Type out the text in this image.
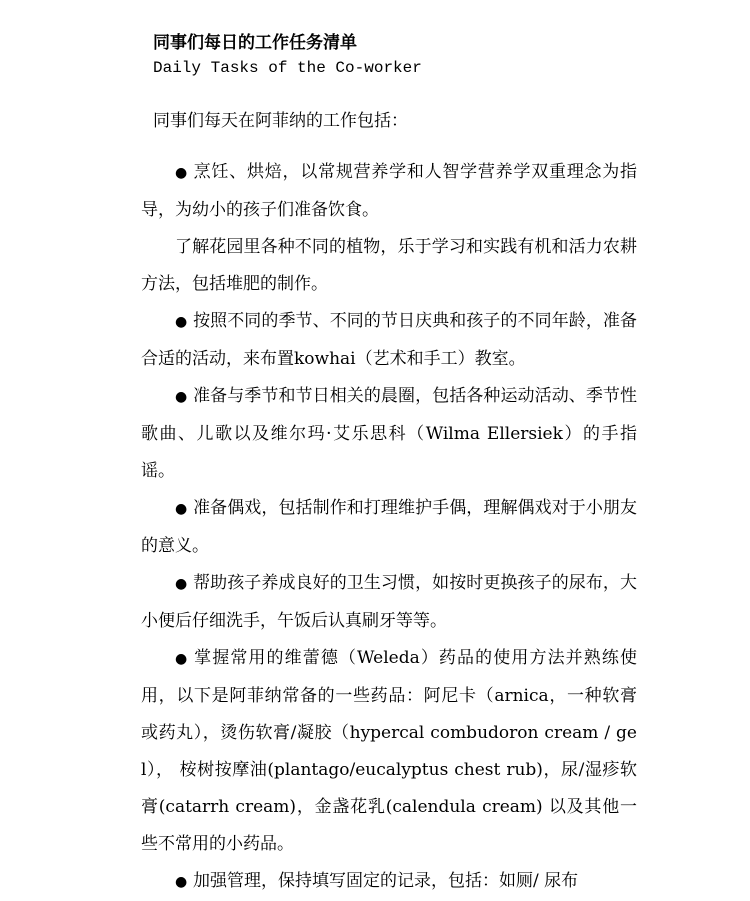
同事们每日的工作任务清单
Daily Tasks of the Co-worker
同事们每天在阿菲纳的工作包括：

● 烹饪、烘焙，以常规营养学和人智学营养学双重理念为指导，为幼小的孩子们准备饮食。

了解花园里各种不同的植物，乐于学习和实践有机和活力农耕方法，包括堆肥的制作。

● 按照不同的季节、不同的节日庆典和孩子的不同年龄，准备合适的活动，来布置kowhai（艺术和手工）教室。

● 准备与季节和节日相关的晨圈，包括各种运动活动、季节性歌曲、儿歌以及维尔玛·艾乐思科（Wilma Ellersiek）的手指谣。

● 准备偶戏，包括制作和打理维护手偶，理解偶戏对于小朋友的意义。

● 帮助孩子养成良好的卫生习惯，如按时更换孩子的尿布，大小便后仔细洗手，午饭后认真刷牙等等。

● 掌握常用的维蕾德（Weleda）药品的使用方法并熟练使用，以下是阿菲纳常备的一些药品：阿尼卡（arnica，一种软膏或药丸），烫伤软膏/凝胶（hypercal combudoron cream / gel）， 桉树按摩油(plantago/eucalyptus chest rub)，尿/湿疹软膏(catarrh cream)，金盏花乳(calendula cream) 以及其他一些不常用的小药品。

● 加强管理，保持填写固定的记录，包括：如厕/ 尿布
